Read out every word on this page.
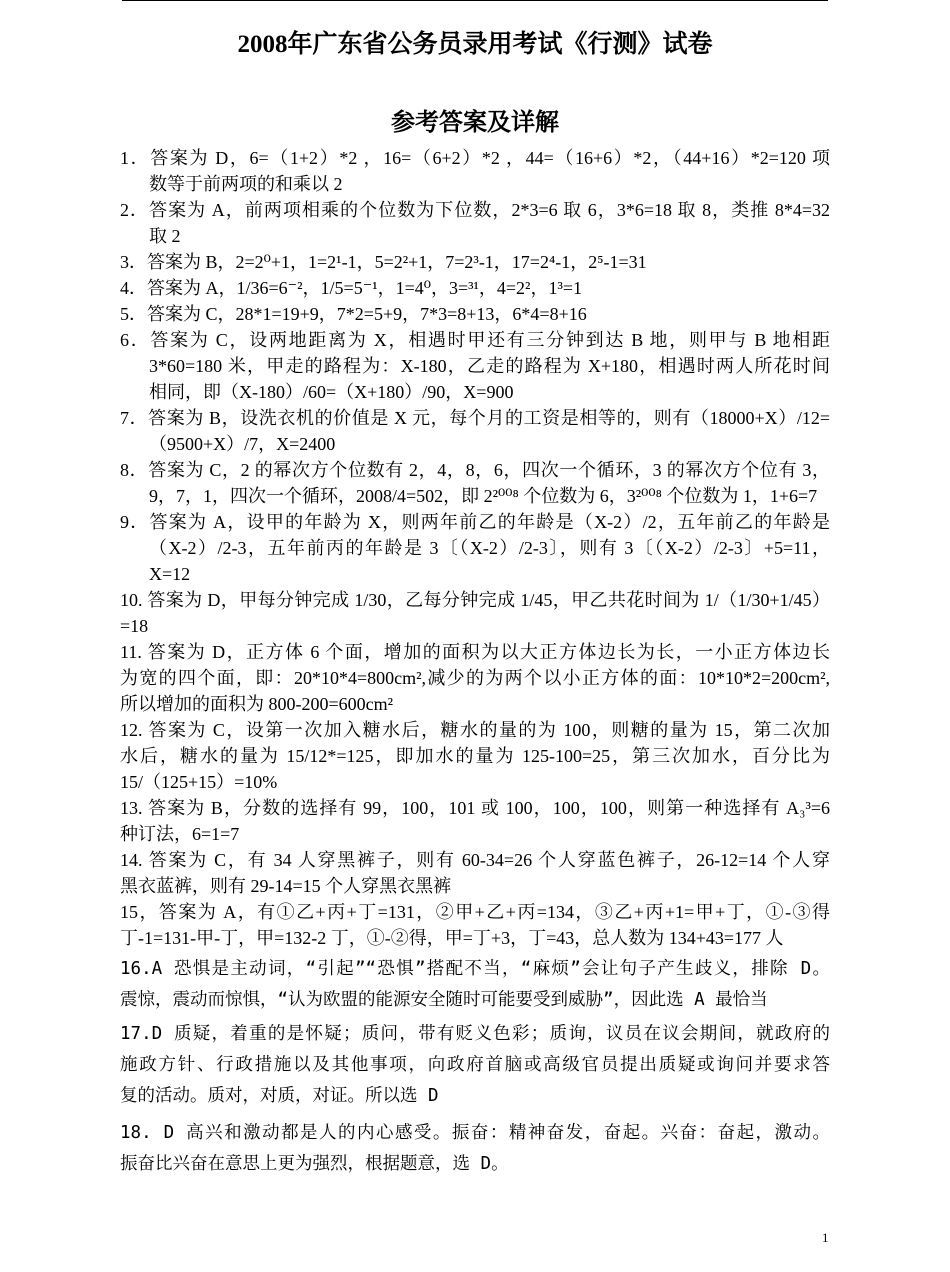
2008年广东省公务员录用考试《行测》试卷
参考答案及详解
1．答案为 D，6=（1+2）*2 ，16=（6+2）*2 ，44=（16+6）*2，（44+16）*2=120 项
数等于前两项的和乘以 2
2．答案为 A，前两项相乘的个位数为下位数，2*3=6 取 6，3*6=18 取 8，类推 8*4=32
取 2
3．答案为 B，2=2⁰+1，1=2¹-1，5=2²+1，7=2³-1，17=2⁴-1，2⁵-1=31
4．答案为 A，1/36=6⁻²，1/5=5⁻¹，1=4⁰，3=³¹，4=2²，1³=1
5．答案为 C，28*1=19+9，7*2=5+9，7*3=8+13，6*4=8+16
6．答案为 C，设两地距离为 X，相遇时甲还有三分钟到达 B 地，则甲与 B 地相距
3*60=180 米，甲走的路程为：X-180，乙走的路程为 X+180，相遇时两人所花时间
相同，即（X-180）/60=（X+180）/90，X=900
7．答案为 B，设洗衣机的价值是 X 元，每个月的工资是相等的，则有（18000+X）/12=
（9500+X）/7，X=2400
8．答案为 C，2 的幂次方个位数有 2，4，8，6，四次一个循环，3 的幂次方个位有 3，
9，7，1，四次一个循环，2008/4=502，即 2²⁰⁰⁸ 个位数为 6，3²⁰⁰⁸ 个位数为 1，1+6=7
9．答案为 A，设甲的年龄为 X，则两年前乙的年龄是（X-2）/2，五年前乙的年龄是
（X-2）/2-3，五年前丙的年龄是 3〔（X-2）/2-3〕，则有 3〔（X-2）/2-3〕+5=11，
X=12
10. 答案为 D，甲每分钟完成 1/30，乙每分钟完成 1/45，甲乙共花时间为 1/（1/30+1/45）
=18
11. 答案为 D，正方体 6 个面，增加的面积为以大正方体边长为长，一小正方体边长
为宽的四个面，即：20*10*4=800cm²,减少的为两个以小正方体的面：10*10*2=200cm²,
所以增加的面积为 800-200=600cm²
12. 答案为 C，设第一次加入糖水后，糖水的量的为 100，则糖的量为 15，第二次加
水后，糖水的量为 15/12*=125，即加水的量为 125-100=25，第三次加水，百分比为
15/（125+15）=10%
13. 答案为 B，分数的选择有 99，100，101 或 100，100，100，则第一种选择有 A₃³=6
种订法，6=1=7
14. 答案为 C，有 34 人穿黑裤子，则有 60-34=26 个人穿蓝色裤子，26-12=14 个人穿
黑衣蓝裤，则有 29-14=15 个人穿黑衣黑裤
15，答案为 A，有①乙+丙+丁=131，②甲+乙+丙=134，③乙+丙+1=甲+丁，①-③得
丁-1=131-甲-丁，甲=132-2 丁，①-②得，甲=丁+3，丁=43，总人数为 134+43=177 人
16.A 恐惧是主动词，“引起”“恐惧”搭配不当，“麻烦”会让句子产生歧义，排除 D。
震惊，震动而惊惧，“认为欧盟的能源安全随时可能要受到威胁”，因此选 A 最恰当
17.D 质疑，着重的是怀疑；质问，带有贬义色彩；质询，议员在议会期间，就政府的
施政方针、行政措施以及其他事项，向政府首脑或高级官员提出质疑或询问并要求答
复的活动。质对，对质，对证。所以选 D
18. D 高兴和激动都是人的内心感受。振奋：精神奋发，奋起。兴奋：奋起，激动。
振奋比兴奋在意思上更为强烈，根据题意，选 D。
1
